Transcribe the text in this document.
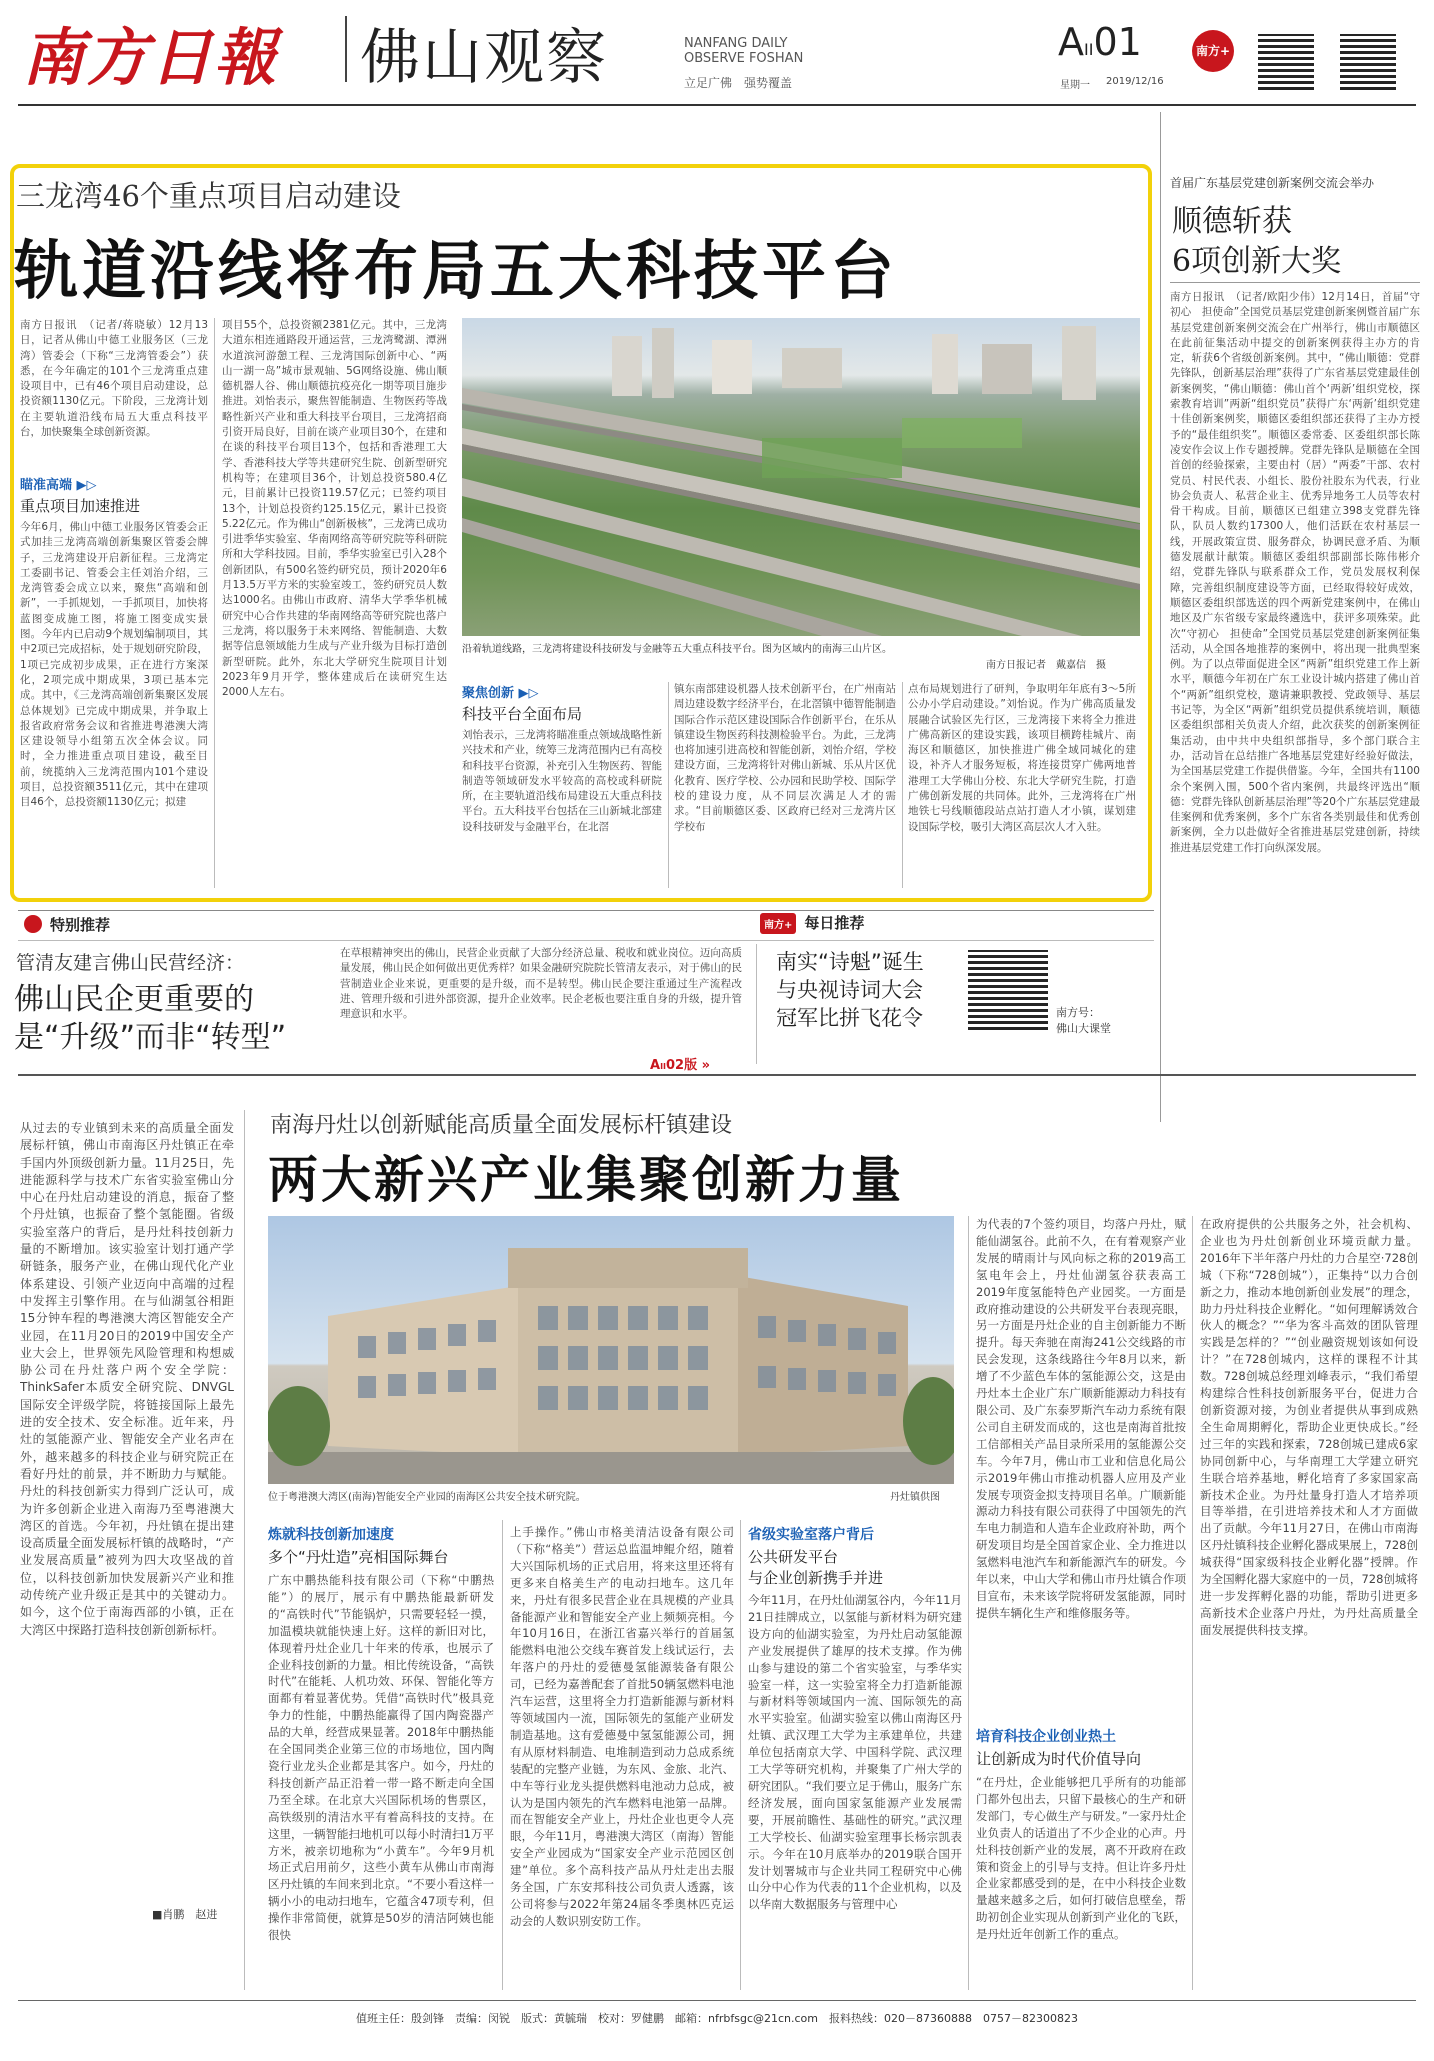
南方日報 佛山观察	NANFANG DAILY
OBSERVE FOSHAN
立足广佛　强势覆盖
AII01
星期一 2019/12/16
南方+
三龙湾46个重点项目启动建设
轨道沿线将布局五大科技平台
南方日报讯　（记者/蒋晓敏）12月13日，记者从佛山中德工业服务区（三龙湾）管委会（下称“三龙湾管委会”）获悉，在今年确定的101个三龙湾重点建设项目中，已有46个项目启动建设，总投资额1130亿元。下阶段，三龙湾计划在主要轨道沿线布局五大重点科技平台，加快聚集全球创新资源。
瞄准高端 ▶▷
重点项目加速推进
今年6月，佛山中德工业服务区管委会正式加挂三龙湾高端创新集聚区管委会牌子，三龙湾建设开启新征程。三龙湾定工委副书记、管委会主任刘治介绍，三龙湾管委会成立以来，聚焦“高端和创新”，一手抓规划，一手抓项目，加快将蓝图变成施工图，将施工图变成实景图。今年内已启动9个规划编制项目，其中2项已完成招标，处于规划研究阶段，1项已完成初步成果，正在进行方案深化，2项完成中期成果，3项已基本完成。其中，《三龙湾高端创新集聚区发展总体规划》已完成中期成果，并争取上报省政府常务会议和省推进粤港澳大湾区建设领导小组第五次全体会议。同时，全力推进重点项目建设，截至目前，统揽纳入三龙湾范围内101个建设项目，总投资额3511亿元，其中在建项目46个，总投资额1130亿元；拟建
项目55个，总投资额2381亿元。其中，三龙湾大道东相连通路段开通运营，三龙湾鹭湖、潭洲水道滨河游憩工程、三龙湾国际创新中心、“两山一湖一岛”城市景观轴、5G网络设施、佛山顺德机器人谷、佛山顺德抗疫亮化一期等项目施步推进。刘怡表示，聚焦智能制造、生物医药等战略性新兴产业和重大科技平台项目，三龙湾招商引资开局良好，目前在谈产业项目30个，在建和在谈的科技平台项目13个，包括和香港理工大学、香港科技大学等共建研究生院、创新型研究机构等；在建项目36个，计划总投资580.4亿元，目前累计已投资119.57亿元；已签约项目13个，计划总投资约125.15亿元，累计已投资5.22亿元。作为佛山“创新极核”，三龙湾已成功引进季华实验室、华南网络高等研究院等科研院所和大学科技园。目前，季华实验室已引入28个创新团队，有500名签约研究员，预计2020年6月13.5万平方米的实验室竣工，签约研究员人数达1000名。由佛山市政府、清华大学季华机械研究中心合作共建的华南网络高等研究院也落户三龙湾，将以服务于未来网络、智能制造、大数据等信息领域能力生成与产业升级为目标打造创新型研院。此外，东北大学研究生院项目计划2023年9月开学，整体建成后在读研究生达2000人左右。
沿着轨道线路，三龙湾将建设科技研发与金融等五大重点科技平台。图为区域内的南海三山片区。
南方日报记者　戴嘉信　摄
聚焦创新 ▶▷
科技平台全面布局
刘怡表示，三龙湾将瞄准重点领域战略性新兴技术和产业，统筹三龙湾范围内已有高校和科技平台资源，补充引入生物医药、智能制造等领域研发水平较高的高校或科研院所，在主要轨道沿线布局建设五大重点科技平台。五大科技平台包括在三山新城北部建设科技研发与金融平台，在北滘
镇东南部建设机器人技术创新平台，在广州南站周边建设数字经济平台，在北滘镇中德智能制造国际合作示范区建设国际合作创新平台，在乐从镇建设生物医药科技测检验平台。为此，三龙湾也将加速引进高校和智能创新，刘怡介绍，学校建设方面，三龙湾将针对佛山新城、乐从片区优化教育、医疗学校、公办园和民助学校、国际学校的建设力度，从不同层次满足人才的需求。“目前顺德区委、区政府已经对三龙湾片区学校布
点布局规划进行了研判，争取明年年底有3～5所公办小学启动建设。”刘怡说。作为广佛高质量发展融合试验区先行区，三龙湾接下来将全力推进广佛高新区的建设实践，该项目横跨桂城片、南海区和顺德区，加快推进广佛全域同城化的建设，补齐人才服务短板，将连接贯穿广佛两地普港理工大学佛山分校、东北大学研究生院，打造广佛创新发展的共同体。此外，三龙湾将在广州地铁七号线顺德段站点站打造人才小镇，谋划建设国际学校，吸引大湾区高层次人才入驻。
首届广东基层党建创新案例交流会举办
顺德斩获
6项创新大奖
南方日报讯　（记者/欧阳少伟）12月14日，首届“守初心　担使命”全国党员基层党建创新案例暨首届广东基层党建创新案例交流会在广州举行，佛山市顺德区在此前征集活动中提交的创新案例获得主办方的肯定，斩获6个省级创新案例。其中，“佛山顺德：党群先锋队，创新基层治理”获得了广东省基层党建最佳创新案例奖，“佛山顺德：佛山首个‘两新’组织党校，探索教育培训”两新“组织党员”获得广东‘两新’组织党建十佳创新案例奖，顺德区委组织部还获得了主办方授予的“最佳组织奖”。顺德区委常委、区委组织部长陈凌安作会议上作专题授牌。党群先锋队是顺德在全国首创的经验探索，主要由村（居）“两委”干部、农村党员、村民代表、小组长、股份社股东为代表，行业协会负责人、私营企业主、优秀异地务工人员等农村骨干构成。目前，顺德区已组建立398支党群先锋队，队员人数约17300人，他们活跃在农村基层一线，开展政策宣贯、服务群众，协调民意矛盾、为顺德发展献计献策。顺德区委组织部副部长陈伟彬介绍，党群先锋队与联系群众工作，党员发展权利保障，完善组织制度建设等方面，已经取得较好成效，顺德区委组织部选送的四个两新党建案例中，在佛山地区及广东省级专家最终遴选中，获评多项殊荣。此次“守初心　担使命”全国党员基层党建创新案例征集活动，从全国各地推荐的案例中，将出现一批典型案例。为了以点带面促进全区“两新”组织党建工作上新水平，顺德今年初在广东工业设计城内搭建了佛山首个“两新”组织党校，邀请兼职教授、党政领导、基层书记等，为全区“两新”组织党员提供系统培训，顺德区委组织部相关负责人介绍，此次获奖的创新案例征集活动，由中共中央组织部指导，多个部门联合主办，活动旨在总结推广各地基层党建好经验好做法，为全国基层党建工作提供借鉴。今年，全国共有1100余个案例入围，500个省内案例，共最终评选出“顺德：党群先锋队创新基层治理”等20个广东基层党建最佳案例和优秀案例，多个广东省各类别最佳和优秀创新案例，全力以赴做好全省推进基层党建创新，持续推进基层党建工作打向纵深发展。
特别推荐	南方+ 每日推荐
管清友建言佛山民营经济：
佛山民企更重要的
是“升级”而非“转型”
在草根精神突出的佛山，民营企业贡献了大部分经济总量、税收和就业岗位。迈向高质量发展，佛山民企如何做出更优秀样？如果金融研究院院长管清友表示，对于佛山的民营制造业企业来说，更重要的是升级，而不是转型。佛山民企要注重通过生产流程改进、管理升级和引进外部资源，提升企业效率。民企老板也要注重自身的升级，提升管理意识和水平。
AII02版 »
南实“诗魁”诞生
与央视诗词大会
冠军比拼飞花令	南方号：
佛山大课堂
从过去的专业镇到未来的高质量全面发展标杆镇，佛山市南海区丹灶镇正在牵手国内外顶级创新力量。11月25日，先进能源科学与技术广东省实验室佛山分中心在丹灶启动建设的消息，振奋了整个丹灶镇，也振奋了整个氢能圈。省级实验室落户的背后，是丹灶科技创新力量的不断增加。该实验室计划打通产学研链条，服务产业，在佛山现代化产业体系建设、引领产业迈向中高端的过程中发挥主引擎作用。在与仙湖氢谷相距15分钟车程的粤港澳大湾区智能安全产业园，在11月20日的2019中国安全产业大会上，世界领先风险管理和构想威胁公司在丹灶落户两个安全学院：ThinkSafer本质安全研究院、DNVGL国际安全评级学院，将链接国际上最先进的安全技术、安全标准。近年来，丹灶的氢能源产业、智能安全产业名声在外，越来越多的科技企业与研究院正在看好丹灶的前景，并不断助力与赋能。丹灶的科技创新实力得到广泛认可，成为许多创新企业进入南海乃至粤港澳大湾区的首选。今年初，丹灶镇在提出建设高质量全面发展标杆镇的战略时，“产业发展高质量”被列为四大攻坚战的首位，以科技创新加快发展新兴产业和推动传统产业升级正是其中的关键动力。如今，这个位于南海西部的小镇，正在大湾区中探路打造科技创新创新标杆。
■肖鹏　赵进
南海丹灶以创新赋能高质量全面发展标杆镇建设
两大新兴产业集聚创新力量
位于粤港澳大湾区(南海)智能安全产业园的南海区公共安全技术研究院。	丹灶镇供图
炼就科技创新加速度
多个“丹灶造”亮相国际舞台
广东中鹏热能科技有限公司（下称“中鹏热能”）的展厅，展示有中鹏热能最新研发的“高铁时代”节能锅炉，只需要轻轻一摸，加温模块就能快速上好。这样的新旧对比，体现着丹灶企业几十年来的传承，也展示了企业科技创新的力量。相比传统设备，“高铁时代”在能耗、人机功效、环保、智能化等方面都有着显著优势。凭借“高铁时代”极具竞争力的性能，中鹏热能赢得了国内陶瓷器产品的大单，经营成果显著。2018年中鹏热能在全国同类企业第三位的市场地位，国内陶瓷行业龙头企业都是其客户。如今，丹灶的科技创新产品正沿着一带一路不断走向全国乃至全球。在北京大兴国际机场的售票区，高铁级别的清洁水平有着高科技的支持。在这里，一辆智能扫地机可以每小时清扫1万平方米，被亲切地称为“小黄车”。今年9月机场正式启用前夕，这些小黄车从佛山市南海区丹灶镇的车间来到北京。“不要小看这样一辆小小的电动扫地车，它蕴含47项专利，但操作非常简便，就算是50岁的清洁阿姨也能很快
上手操作。”佛山市格美清洁设备有限公司（下称“格美”）营运总监温坤鲲介绍，随着大兴国际机场的正式启用，将来这里还将有更多来自格美生产的电动扫地车。这几年来，丹灶有很多民营企业在具规模的产业具备能源产业和智能安全产业上频频亮相。今年10月16日，在浙江省嘉兴举行的首届氢能燃料电池公交线车赛首发上线试运行，去年落户的丹灶的爱德曼氢能源装备有限公司，已经为嘉善配套了首批50辆氢燃料电池汽车运营，这里将全力打造新能源与新材料等领域国内一流，国际领先的氢能产业研发制造基地。这有爱德曼中氢氢能源公司，拥有从原材料制造、电堆制造到动力总成系统装配的完整产业链，为东风、金旅、北汽、中车等行业龙头提供燃料电池动力总成，被认为是国内领先的汽车燃料电池第一品牌。而在智能安全产业上，丹灶企业也更令人亮眼，今年11月，粤港澳大湾区（南海）智能安全产业园成为“国家安全产业示范园区创建”单位。多个高科技产品从丹灶走出去服务全国，广东安邦科技公司负责人透露，该公司将参与2022年第24届冬季奥林匹克运动会的人数识别安防工作。
省级实验室落户背后
公共研发平台
与企业创新携手并进
今年11月，在丹灶仙湖氢谷内，今年11月21日挂牌成立，以氢能与新材料为研究建设方向的仙湖实验室，为丹灶启动氢能源产业发展提供了雄厚的技术支撑。作为佛山参与建设的第二个省实验室，与季华实验室一样，这一实验室将全力打造新能源与新材料等领域国内一流、国际领先的高水平实验室。仙湖实验室以佛山南海区丹灶镇、武汉理工大学为主承建单位，共建单位包括南京大学、中国科学院、武汉理工大学等研究机构，并聚集了广州大学的研究团队。“我们要立足于佛山，服务广东经济发展，面向国家氢能源产业发展需要，开展前瞻性、基础性的研究。”武汉理工大学校长、仙湖实验室理事长杨宗凯表示。今年在10月底举办的2019联合国开发计划署城市与企业共同工程研究中心佛山分中心作为代表的11个企业机构，以及以华南大数据服务与管理中心
为代表的7个签约项目，均落户丹灶，赋能仙湖氢谷。此前不久，在有着观察产业发展的晴雨计与风向标之称的2019高工氢电年会上，丹灶仙湖氢谷获表高工2019年度氢能特色产业园奖。一方面是政府推动建设的公共研发平台表现亮眼，另一方面是丹灶企业的自主创新能力不断提升。每天奔驰在南海241公交线路的市民会发现，这条线路往今年8月以来，新增了不少蓝色车体的氢能源公交，这是由丹灶本土企业广东广顺新能源动力科技有限公司、及广东泰罗斯汽车动力系统有限公司自主研发而成的，这也是南海首批按工信部相关产品目录所采用的氢能源公交车。今年7月，佛山市工业和信息化局公示2019年佛山市推动机器人应用及产业发展专项资金拟支持项目名单。广顺新能源动力科技有限公司获得了中国领先的汽车电力制造和人造车企业政府补助，两个研发项目均是全国首家企业、全力推进以氢燃料电池汽车和新能源汽车的研发。今年以来，中山大学和佛山市丹灶镇合作项目宣布，未来该学院将研发氢能源，同时提供车辆化生产和维修服务等。
培育科技企业创业热土
让创新成为时代价值导向
“在丹灶，企业能够把几乎所有的功能部门都外包出去，只留下最核心的生产和研发部门，专心做生产与研发。”一家丹灶企业负责人的话道出了不少企业的心声。丹灶科技创新产业的发展，离不开政府在政策和资金上的引导与支持。但让许多丹灶企业家都感受到的是，在中小科技企业数量越来越多之后，如何打破信息壁垒，帮助初创企业实现从创新到产业化的飞跃，是丹灶近年创新工作的重点。
在政府提供的公共服务之外，社会机构、企业也为丹灶创新创业环境贡献力量。2016年下半年落户丹灶的力合星空·728创城（下称“728创城”），正集持“以力合创新之力，推动本地创新创业发展”的理念，助力丹灶科技企业孵化。“如何理解诱效合伙人的概念？”“华为客斗高效的团队管理实践是怎样的？”“创业融资规划该如何设计？”在728创城内，这样的课程不计其数。728创城总经理刘峰表示，“我们希望构建综合性科技创新服务平台，促进力合创新资源对接，为创业者提供从事到成熟全生命周期孵化，帮助企业更快成长。”经过三年的实践和探索，728创城已建成6家协同创新中心，与华南理工大学建立研究生联合培养基地，孵化培育了多家国家高新技术企业。为丹灶量身打造人才培养项目等举措，在引进培养技术和人才方面做出了贡献。今年11月27日，在佛山市南海区丹灶镇科技企业孵化器成果展上，728创城获得“国家级科技企业孵化器”授牌。作为全国孵化器大家庭中的一员，728创城将进一步发挥孵化器的功能，帮助引进更多高新技术企业落户丹灶，为丹灶高质量全面发展提供科技支撑。
值班主任：殷剑锋　责编：闵锐　版式：黄毓瑞　校对：罗健鹏　邮箱：nfrbfsgc@21cn.com　报料热线：020－87360888　0757－82300823
